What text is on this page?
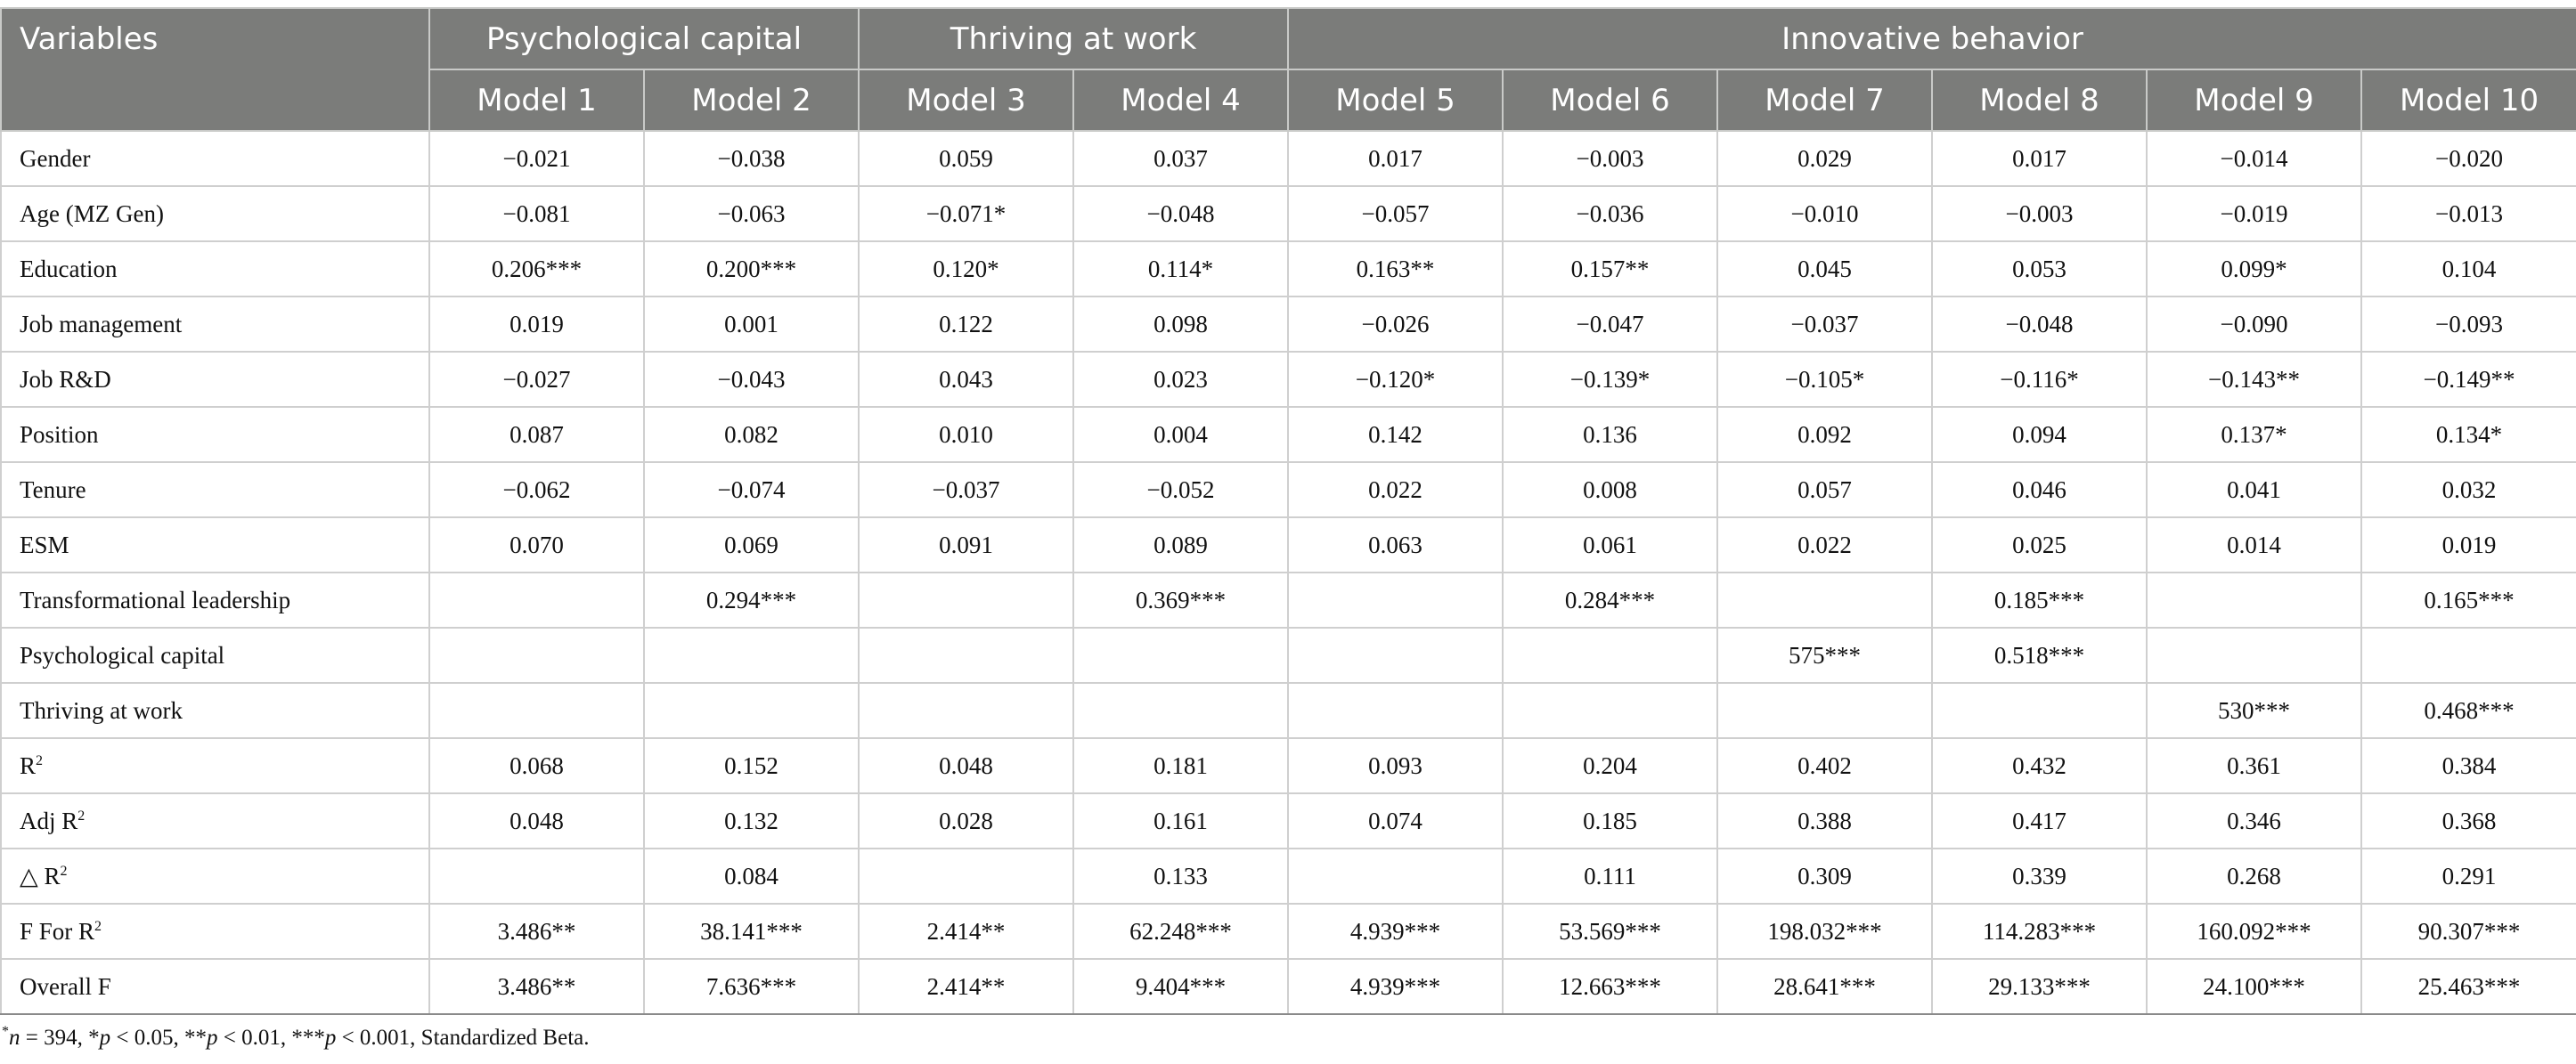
Variables	Psychological capital		Thriving at work		Innovative behavior					
	Model 1	Model 2	Model 3	Model 4	Model 5	Model 6	Model 7	Model 8	Model 9	Model 10
Gender	−0.021	−0.038	0.059	0.037	0.017	−0.003	0.029	0.017	−0.014	−0.020
Age (MZ Gen)	−0.081	−0.063	−0.071*	−0.048	−0.057	−0.036	−0.010	−0.003	−0.019	−0.013
Education	0.206***	0.200***	0.120*	0.114*	0.163**	0.157**	0.045	0.053	0.099*	0.104
Job management	0.019	0.001	0.122	0.098	−0.026	−0.047	−0.037	−0.048	−0.090	−0.093
Job R&D	−0.027	−0.043	0.043	0.023	−0.120*	−0.139*	−0.105*	−0.116*	−0.143**	−0.149**
Position	0.087	0.082	0.010	0.004	0.142	0.136	0.092	0.094	0.137*	0.134*
Tenure	−0.062	−0.074	−0.037	−0.052	0.022	0.008	0.057	0.046	0.041	0.032
ESM	0.070	0.069	0.091	0.089	0.063	0.061	0.022	0.025	0.014	0.019
Transformational leadership		0.294***		0.369***		0.284***		0.185***		0.165***
Psychological capital							575***	0.518***		
Thriving at work									530***	0.468***
$R^2$	0.068	0.152	0.048	0.181	0.093	0.204	0.402	0.432	0.361	0.384
Adj $R^2$	0.048	0.132	0.028	0.161	0.074	0.185	0.388	0.417	0.346	0.368
△ $R^2$		0.084		0.133		0.111	0.309	0.339	0.268	0.291
F For $R^2$	3.486**	38.141***	2.414**	62.248***	4.939***	53.569***	198.032***	114.283***	160.092***	90.307***
Overall F	3.486**	7.636***	2.414**	9.404***	4.939***	12.663***	28.641***	29.133***	24.100***	25.463***
*n = 394, *p < 0.05, **p < 0.01, ***p < 0.001, Standardized Beta.
